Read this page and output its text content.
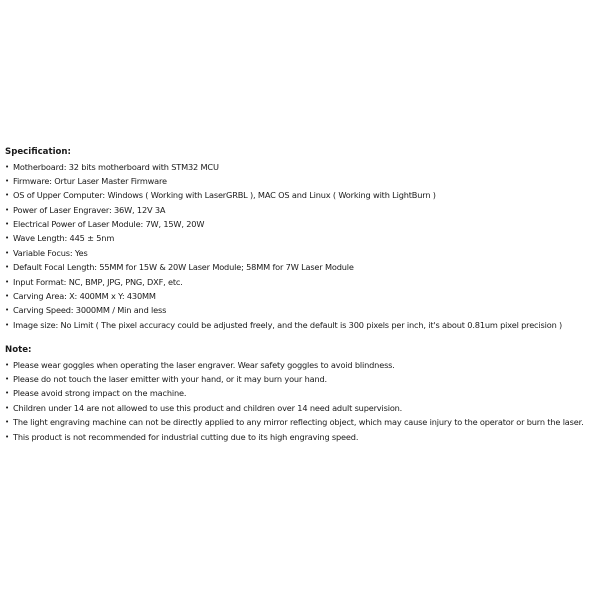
Specification:
• Motherboard: 32 bits motherboard with STM32 MCU
• Firmware: Ortur Laser Master Firmware
• OS of Upper Computer: Windows ( Working with LaserGRBL ), MAC OS and Linux ( Working with LightBurn )
• Power of Laser Engraver: 36W, 12V 3A
• Electrical Power of Laser Module: 7W, 15W, 20W
• Wave Length: 445 ± 5nm
• Variable Focus: Yes
• Default Focal Length: 55MM for 15W & 20W Laser Module; 58MM for 7W Laser Module
• Input Format: NC, BMP, JPG, PNG, DXF, etc.
• Carving Area: X: 400MM x Y: 430MM
• Carving Speed: 3000MM / Min and less
• Image size: No Limit ( The pixel accuracy could be adjusted freely, and the default is 300 pixels per inch, it's about 0.81um pixel precision )
Note:
• Please wear goggles when operating the laser engraver. Wear safety goggles to avoid blindness.
• Please do not touch the laser emitter with your hand, or it may burn your hand.
• Please avoid strong impact on the machine.
• Children under 14 are not allowed to use this product and children over 14 need adult supervision.
• The light engraving machine can not be directly applied to any mirror reflecting object, which may cause injury to the operator or burn the laser.
• This product is not recommended for industrial cutting due to its high engraving speed.
